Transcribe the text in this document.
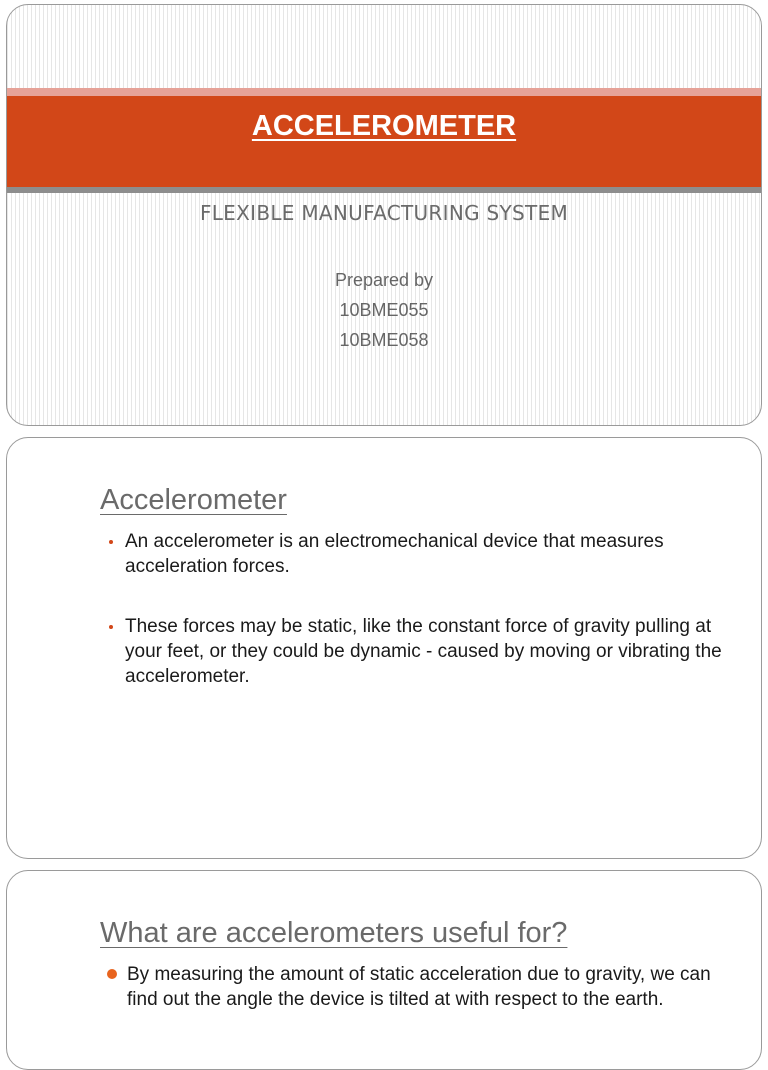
ACCELEROMETER
FLEXIBLE MANUFACTURING SYSTEM
Prepared by
10BME055
10BME058
Accelerometer
An accelerometer is an electromechanical device that measures acceleration forces.
These forces may be static, like the constant force of gravity pulling at your feet, or they could be dynamic - caused by moving or vibrating the accelerometer.
What are accelerometers useful for?
By measuring the amount of static acceleration due to gravity, we can find out the angle the device is tilted at with respect to the earth.
